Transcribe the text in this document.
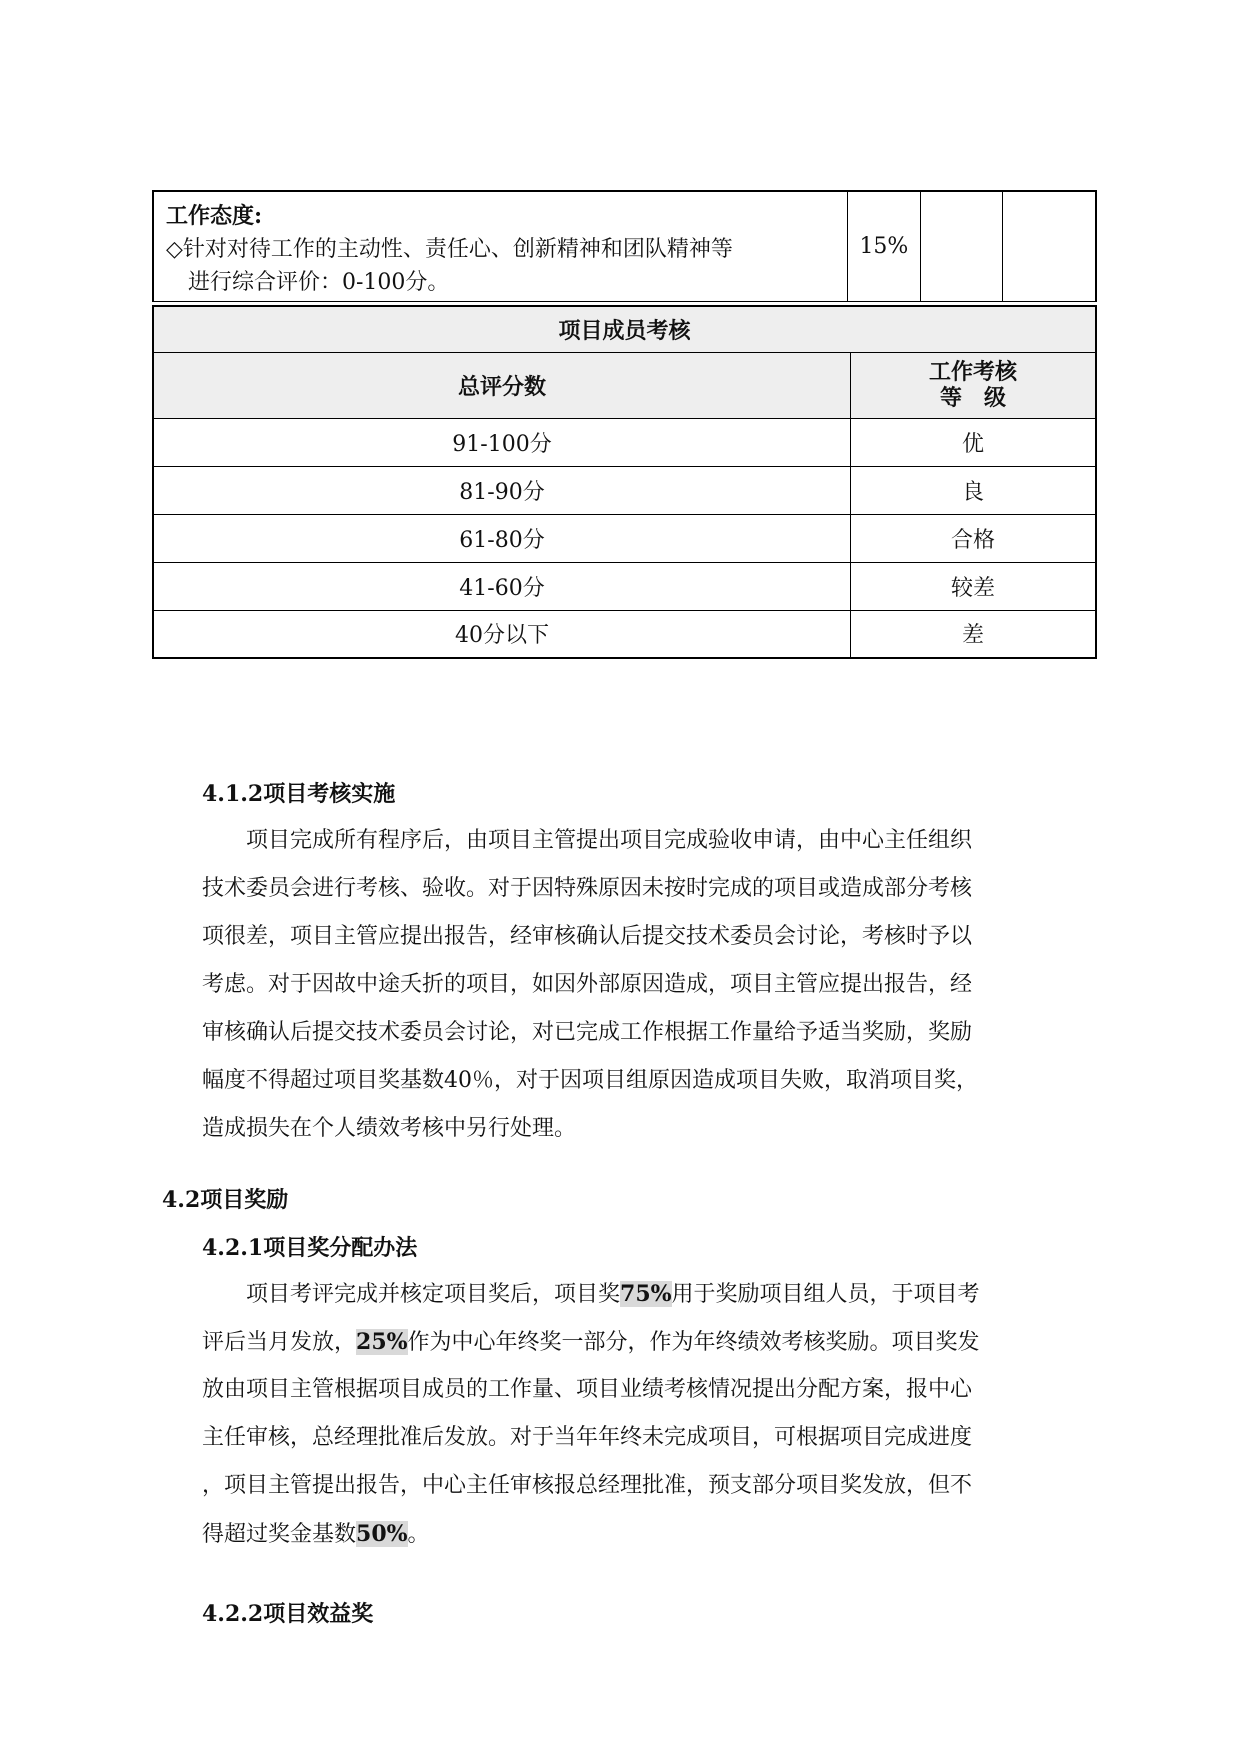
工作态度:
◇针对对待工作的主动性、责任心、创新精神和团队精神等
进行综合评价：0-100分。
	15%		
项目成员考核	
总评分数	工作考核
等　级

91-100分	优
81-90分	良
61-80分	合格
41-60分	较差
40分以下	差
4.1.2项目考核实施
　　项目完成所有程序后，由项目主管提出项目完成验收申请，由中心主任组织
技术委员会进行考核、验收。对于因特殊原因未按时完成的项目或造成部分考核
项很差，项目主管应提出报告，经审核确认后提交技术委员会讨论，考核时予以
考虑。对于因故中途夭折的项目，如因外部原因造成，项目主管应提出报告，经
审核确认后提交技术委员会讨论，对已完成工作根据工作量给予适当奖励，奖励
幅度不得超过项目奖基数40％，对于因项目组原因造成项目失败，取消项目奖，
造成损失在个人绩效考核中另行处理。
4.2项目奖励
4.2.1项目奖分配办法
　　项目考评完成并核定项目奖后，项目奖75%用于奖励项目组人员，于项目考
评后当月发放，25%作为中心年终奖一部分，作为年终绩效考核奖励。项目奖发
放由项目主管根据项目成员的工作量、项目业绩考核情况提出分配方案，报中心
主任审核，总经理批准后发放。对于当年年终未完成项目，可根据项目完成进度
，项目主管提出报告，中心主任审核报总经理批准，预支部分项目奖发放，但不
得超过奖金基数50%。
4.2.2项目效益奖
